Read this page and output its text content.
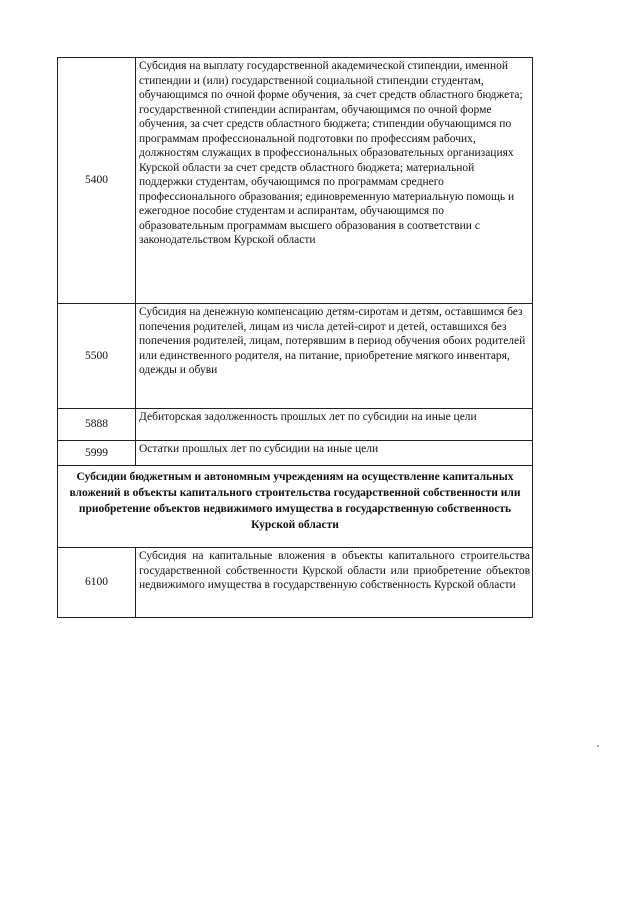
5400	Субсидия на выплату государственной академической стипендии, именной стипендии и (или) государственной социальной стипендии студентам, обучающимся по очной форме обучения, за счет средств областного бюджета; государственной стипендии аспирантам, обучающимся по очной форме обучения, за счет средств областного бюджета; стипендии обучающимся по программам профессиональной подготовки по профессиям рабочих, должностям служащих в профессиональных образовательных организациях Курской области за счет средств областного бюджета; материальной поддержки студентам, обучающимся по программам среднего профессионального образования; единовременную материальную помощь и ежегодное пособие студентам и аспирантам, обучающимся по образовательным программам высшего образования в соответствии с законодательством Курской области
5500	Субсидия на денежную компенсацию детям-сиротам и детям, оставшимся без попечения родителей, лицам из числа детей-сирот и детей, оставшихся без попечения родителей, лицам, потерявшим в период обучения обоих родителей или единственного родителя, на питание, приобретение мягкого инвентаря, одежды и обуви
5888	Дебиторская задолженность прошлых лет по субсидии на иные цели
5999	Остатки прошлых лет по субсидии на иные цели
Субсидии бюджетным и автономным учреждениям на осуществление капитальных вложений в объекты капитального строительства государственной собственности или приобретение объектов недвижимого имущества в государственную собственность Курской области	
6100	Субсидия на капитальные вложения в объекты капитального строительства государственной собственности Курской области или приобретение объектов недвижимого имущества в государственную собственность Курской области
